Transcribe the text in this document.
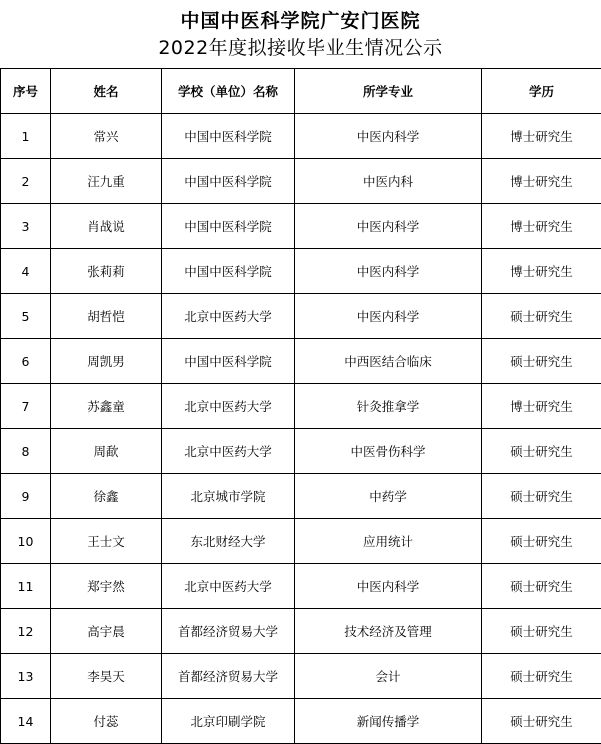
中国中医科学院广安门医院
2022年度拟接收毕业生情况公示
序号	姓名	学校（单位）名称	所学专业	学历
1	常兴	中国中医科学院	中医内科学	博士研究生
2	汪九重	中国中医科学院	中医内科	博士研究生
3	肖战说	中国中医科学院	中医内科学	博士研究生
4	张莉莉	中国中医科学院	中医内科学	博士研究生
5	胡哲恺	北京中医药大学	中医内科学	硕士研究生
6	周凯男	中国中医科学院	中西医结合临床	硕士研究生
7	苏鑫童	北京中医药大学	针灸推拿学	博士研究生
8	周歃	北京中医药大学	中医骨伤科学	硕士研究生
9	徐鑫	北京城市学院	中药学	硕士研究生
10	王士文	东北财经大学	应用统计	硕士研究生
11	郑宇然	北京中医药大学	中医内科学	硕士研究生
12	高宇晨	首都经济贸易大学	技术经济及管理	硕士研究生
13	李昊天	首都经济贸易大学	会计	硕士研究生
14	付蕊	北京印刷学院	新闻传播学	硕士研究生
